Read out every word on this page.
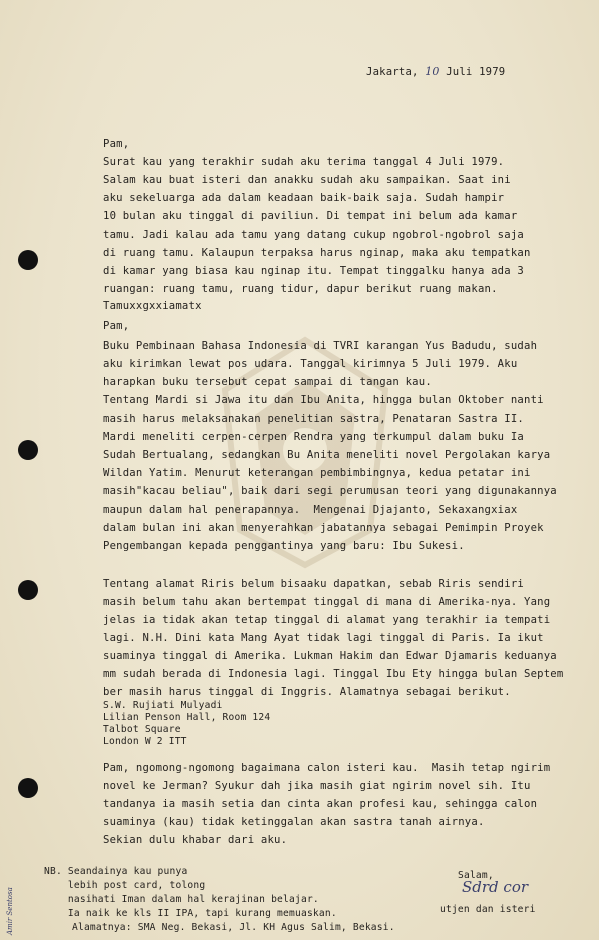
Jakarta, 10 Juli 1979
Pam,
Surat kau yang terakhir sudah aku terima tanggal 4 Juli 1979.
Salam kau buat isteri dan anakku sudah aku sampaikan. Saat ini
aku sekeluarga ada dalam keadaan baik-baik saja. Sudah hampir
10 bulan aku tinggal di paviliun. Di tempat ini belum ada kamar
tamu. Jadi kalau ada tamu yang datang cukup ngobrol-ngobrol saja
di ruang tamu. Kalaupun terpaksa harus nginap, maka aku tempatkan
di kamar yang biasa kau nginap itu. Tempat tinggalku hanya ada 3
ruangan: ruang tamu, ruang tidur, dapur berikut ruang makan.
Tamuxxgxxiamatx
Pam,
Buku Pembinaan Bahasa Indonesia di TVRI karangan Yus Badudu, sudah
aku kirimkan lewat pos udara. Tanggal kirimnya 5 Juli 1979. Aku
harapkan buku tersebut cepat sampai di tangan kau.
Tentang Mardi si Jawa itu dan Ibu Anita, hingga bulan Oktober nanti
masih harus melaksanakan penelitian sastra, Penataran Sastra II.
Mardi meneliti cerpen-cerpen Rendra yang terkumpul dalam buku Ia
Sudah Bertualang, sedangkan Bu Anita meneliti novel Pergolakan karya
Wildan Yatim. Menurut keterangan pembimbingnya, kedua petatar ini
masih"kacau beliau", baik dari segi perumusan teori yang digunakannya
maupun dalam hal penerapannya.  Mengenai Djajanto, Sekaxangxiax
dalam bulan ini akan menyerahkan jabatannya sebagai Pemimpin Proyek
Pengembangan kepada penggantinya yang baru: Ibu Sukesi.
Tentang alamat Riris belum bisaaku dapatkan, sebab Riris sendiri
masih belum tahu akan bertempat tinggal di mana di Amerika-nya. Yang
jelas ia tidak akan tetap tinggal di alamat yang terakhir ia tempati
lagi. N.H. Dini kata Mang Ayat tidak lagi tinggal di Paris. Ia ikut
suaminya tinggal di Amerika. Lukman Hakim dan Edwar Djamaris keduanya
mm sudah berada di Indonesia lagi. Tinggal Ibu Ety hingga bulan Septem
ber masih harus tinggal di Inggris. Alamatnya sebagai berikut.
S.W. Rujiati Mulyadi
Lilian Penson Hall, Room 124
Talbot Square
London W 2 ITT
Pam, ngomong-ngomong bagaimana calon isteri kau.  Masih tetap ngirim
novel ke Jerman? Syukur dah jika masih giat ngirim novel sih. Itu
tandanya ia masih setia dan cinta akan profesi kau, sehingga calon
suaminya (kau) tidak ketinggalan akan sastra tanah airnya.
Sekian dulu khabar dari aku.
Salam,
Sdrd cor
utjen dan isteri
NB. Seandainya kau punya
lebih post card, tolong
nasihati Iman dalam hal kerajinan belajar.
Ia naik ke kls II IPA, tapi kurang memuaskan.
Alamatnya: SMA Neg. Bekasi, Jl. KH Agus Salim, Bekasi.
Amir Sentosa
